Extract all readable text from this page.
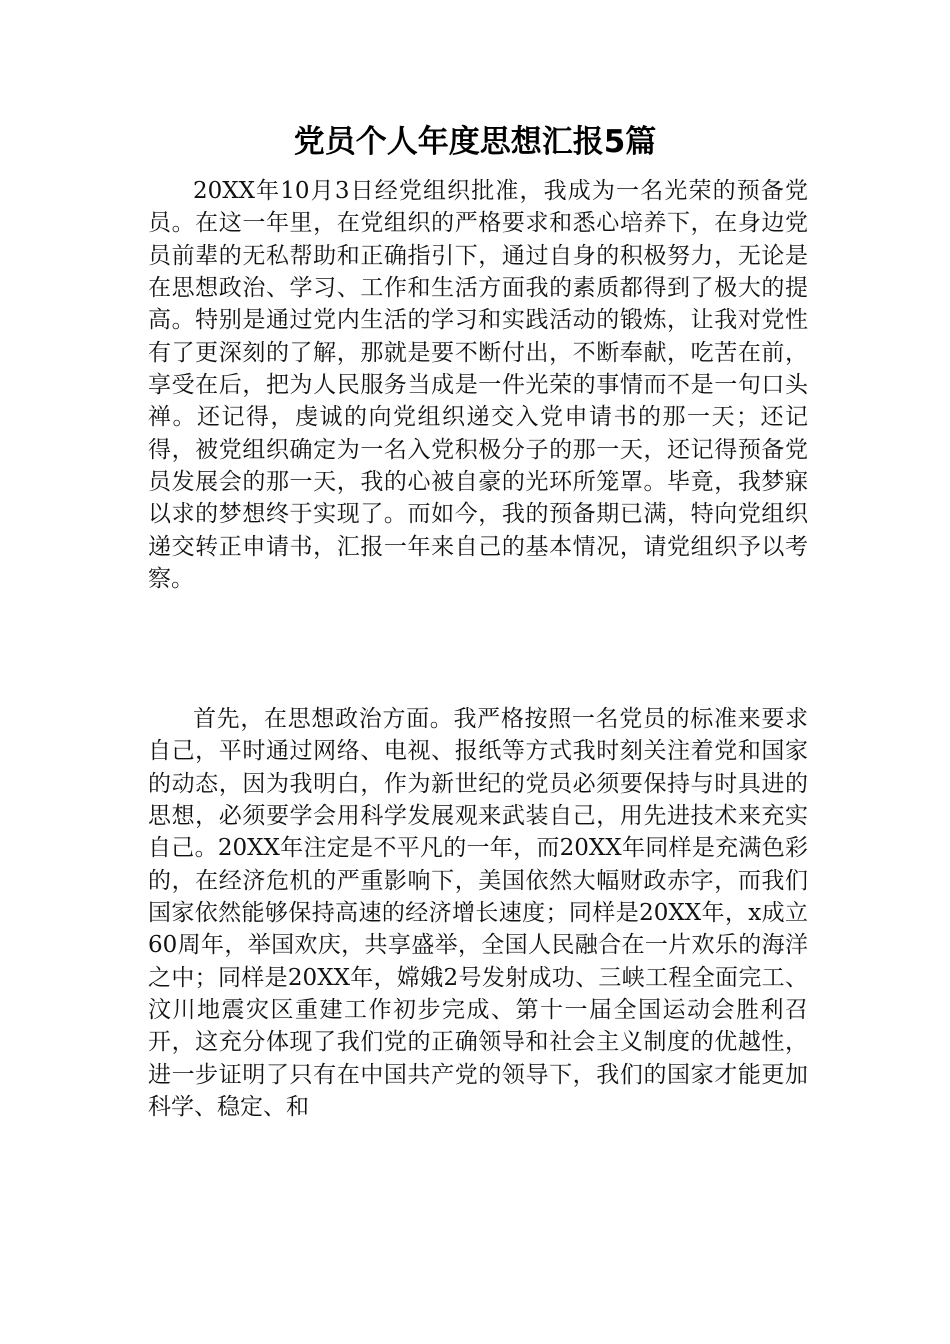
党员个人年度思想汇报5篇

20XX年10月3日经党组织批准，我成为一名光荣的预备党员。在这一年里，在党组织的严格要求和悉心培养下，在身边党员前辈的无私帮助和正确指引下，通过自身的积极努力，无论是在思想政治、学习、工作和生活方面我的素质都得到了极大的提高。特别是通过党内生活的学习和实践活动的锻炼，让我对党性有了更深刻的了解，那就是要不断付出，不断奉献，吃苦在前，享受在后，把为人民服务当成是一件光荣的事情而不是一句口头禅。还记得，虔诚的向党组织递交入党申请书的那一天；还记得，被党组织确定为一名入党积极分子的那一天，还记得预备党员发展会的那一天，我的心被自豪的光环所笼罩。毕竟，我梦寐以求的梦想终于实现了。而如今，我的预备期已满，特向党组织递交转正申请书，汇报一年来自己的基本情况，请党组织予以考察。

首先，在思想政治方面。我严格按照一名党员的标准来要求自己，平时通过网络、电视、报纸等方式我时刻关注着党和国家的动态，因为我明白，作为新世纪的党员必须要保持与时具进的思想，必须要学会用科学发展观来武装自己，用先进技术来充实自己。20XX年注定是不平凡的一年，而20XX年同样是充满色彩的，在经济危机的严重影响下，美国依然大幅财政赤字，而我们国家依然能够保持高速的经济增长速度；同样是20XX年，x成立60周年，举国欢庆，共享盛举，全国人民融合在一片欢乐的海洋之中；同样是20XX年，嫦娥2号发射成功、三峡工程全面完工、汶川地震灾区重建工作初步完成、第十一届全国运动会胜利召开，这充分体现了我们党的正确领导和社会主义制度的优越性，进一步证明了只有在中国共产党的领导下，我们的国家才能更加科学、稳定、和
